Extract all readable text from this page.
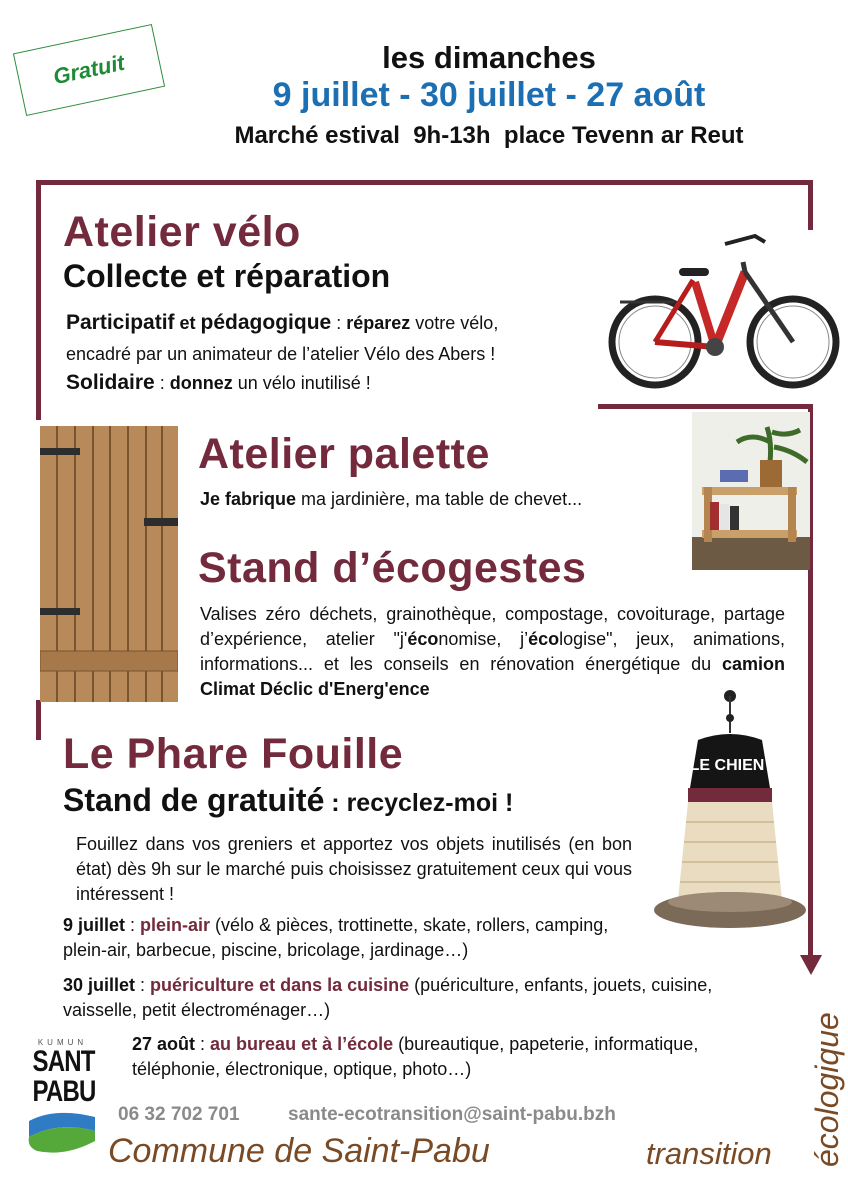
Gratuit	les dimanches
9 juillet - 30 juillet - 27 août
Marché estival  9h-13h  place Tevenn ar Reut
Atelier vélo
Collecte et réparation

Participatif et pédagogique : réparez votre vélo,

encadré par un animateur de l’atelier Vélo des Abers !

Solidaire : donnez un vélo inutilisé !

Atelier palette

Je fabrique ma jardinière, ma table de chevet...

Stand d’écogestes

Valises zéro déchets, grainothèque, compostage, covoiturage, partage d’expérience, atelier "j'économise, j’écologise", jeux, animations, informations... et les conseils en rénovation énergétique du camion Climat Déclic d'Energ'ence

Le Phare Fouille
Stand de gratuité : recyclez-moi !

Fouillez dans vos greniers et apportez vos objets inutilisés (en bon état) dès 9h sur le marché puis choisissez gratuitement ceux qui vous intéressent !

LE CHIEN

9 juillet : plein-air (vélo & pièces, trottinette, skate, rollers, camping, plein-air, barbecue, piscine, bricolage, jardinage…)

30 juillet : puériculture et dans la cuisine (puériculture, enfants, jouets, cuisine, vaisselle, petit électroménager…)

27 août : au bureau et à l’école (bureautique, papeterie, informatique, téléphonie, électronique, optique, photo…)

KUMUN
SANT
PABU
06 32 702 701	sante-ecotransition@saint-pabu.bzh
Commune de Saint-Pabu	transition écologique
